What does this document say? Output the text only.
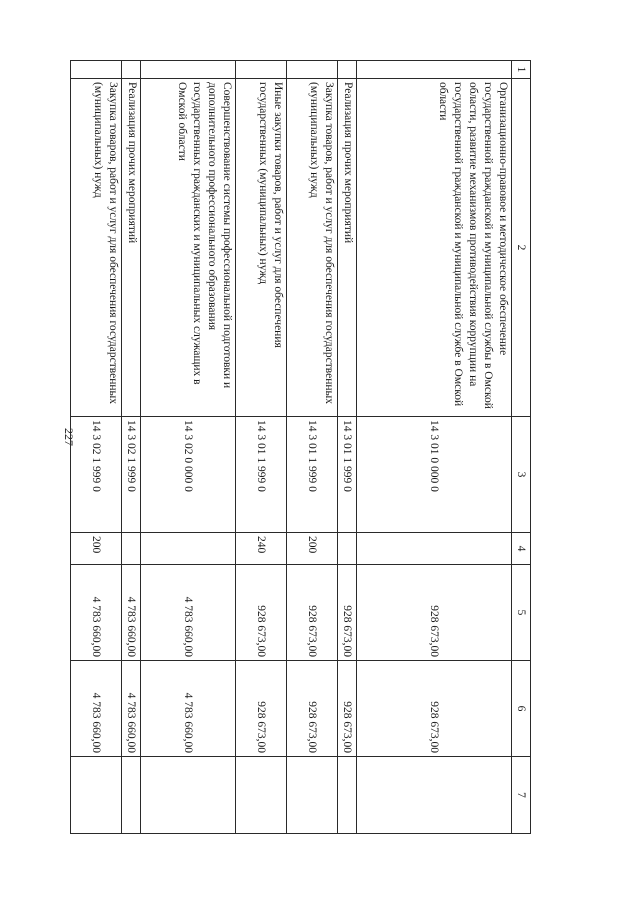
227
1	2	3	4	5	6	7
	Организационно-правовое и методическое обеспечение государственной гражданской и муниципальной службы в Омской области, развитие механизмов противодействия коррупции на государственной гражданской и муниципальной службе в Омской области	14 3 01 0 000 0		928 673,00	928 673,00	
	Реализация прочих мероприятий	14 3 01 1 999 0		928 673,00	928 673,00	
	Закупка товаров, работ и услуг для обеспечения государственных (муниципальных) нужд	14 3 01 1 999 0	200	928 673,00	928 673,00	
	Иные закупки товаров, работ и услуг для обеспечения государственных (муниципальных) нужд	14 3 01 1 999 0	240	928 673,00	928 673,00	
	Совершенствование системы профессиональной подготовки и дополнительного профессионального образования государственных гражданских и муниципальных служащих в Омской области	14 3 02 0 000 0		4 783 660,00	4 783 660,00	
	Реализация прочих мероприятий	14 3 02 1 999 0		4 783 660,00	4 783 660,00	
	Закупка товаров, работ и услуг для обеспечения государственных (муниципальных) нужд	14 3 02 1 999 0	200	4 783 660,00	4 783 660,00	
